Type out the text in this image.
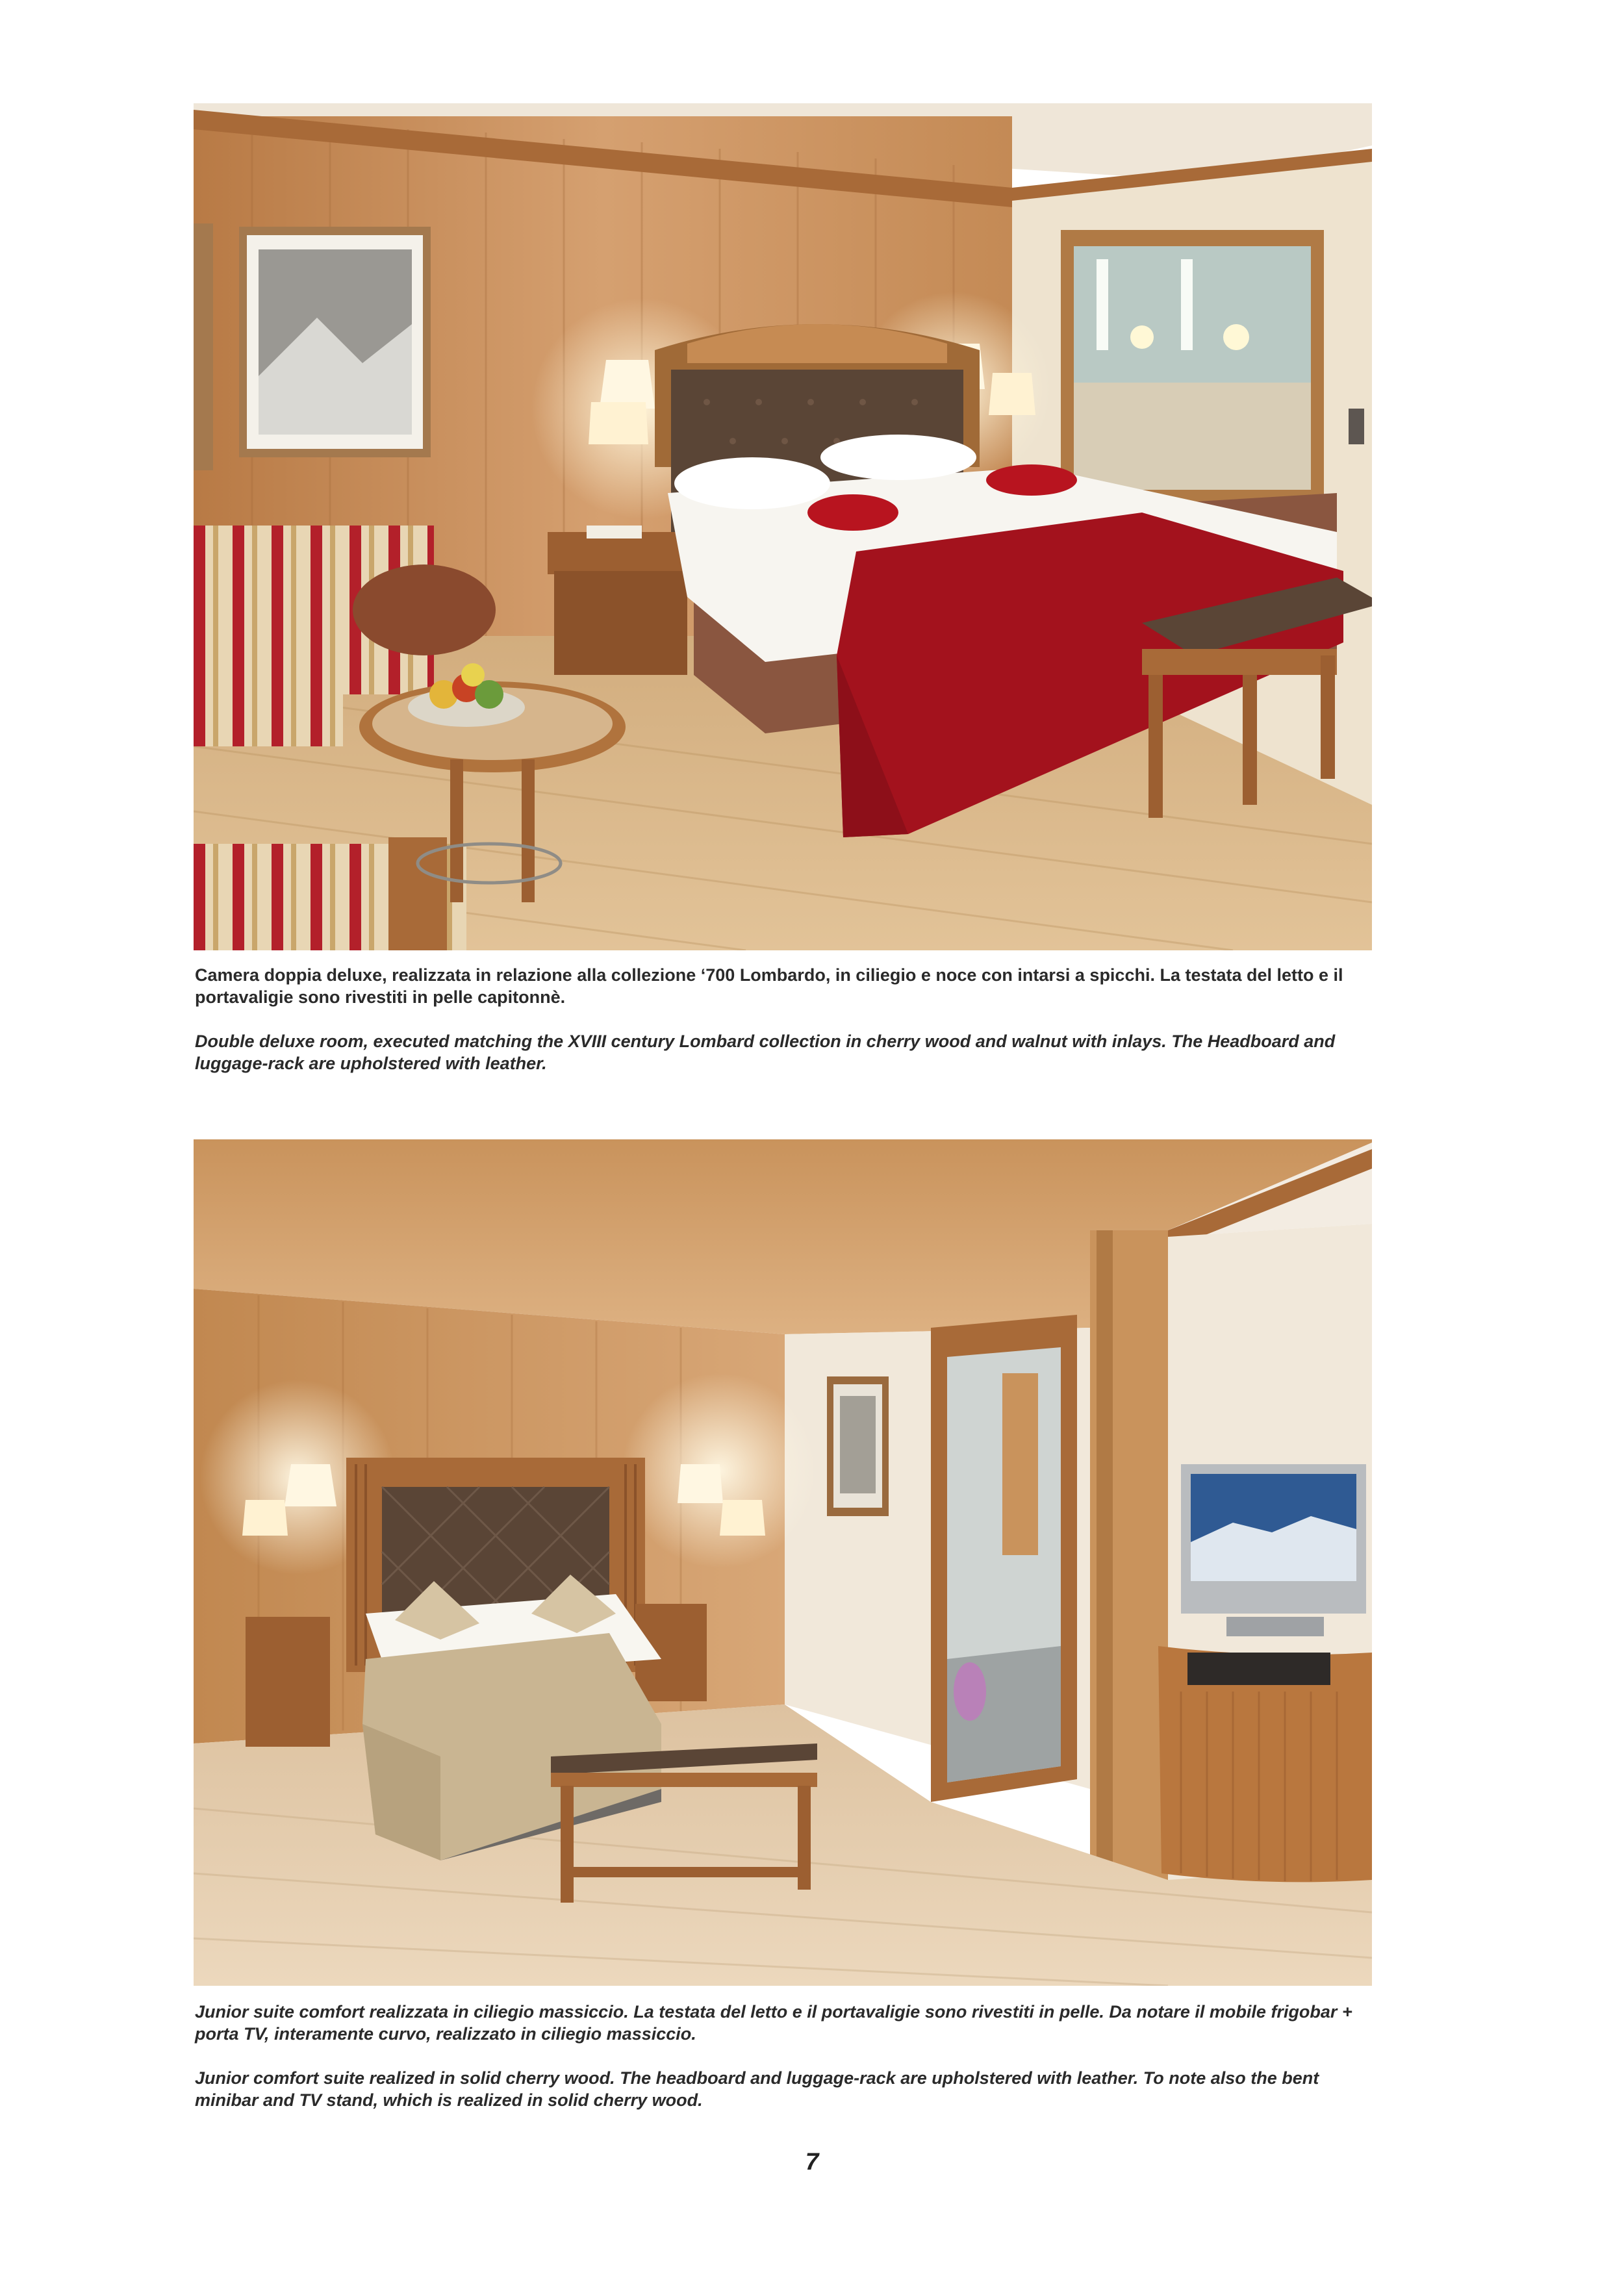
Camera doppia deluxe, realizzata in relazione alla collezione ‘700 Lombardo, in ciliegio e noce con intarsi a spicchi. La testata del letto e il portavaligie sono rivestiti in pelle capitonnè.

Double deluxe room, executed matching the XVIII century Lombard collection in cherry wood and walnut with inlays. The Headboard and luggage-rack are upholstered with leather.

Junior suite comfort realizzata in ciliegio massiccio. La testata del letto e il portavaligie sono rivestiti in pelle. Da notare il mobile frigobar + porta TV, interamente curvo, realizzato in ciliegio massiccio.

Junior comfort suite realized in solid cherry wood. The headboard and luggage-rack are upholstered with leather. To note also the bent minibar and TV stand, which is realized in solid cherry wood.

7
